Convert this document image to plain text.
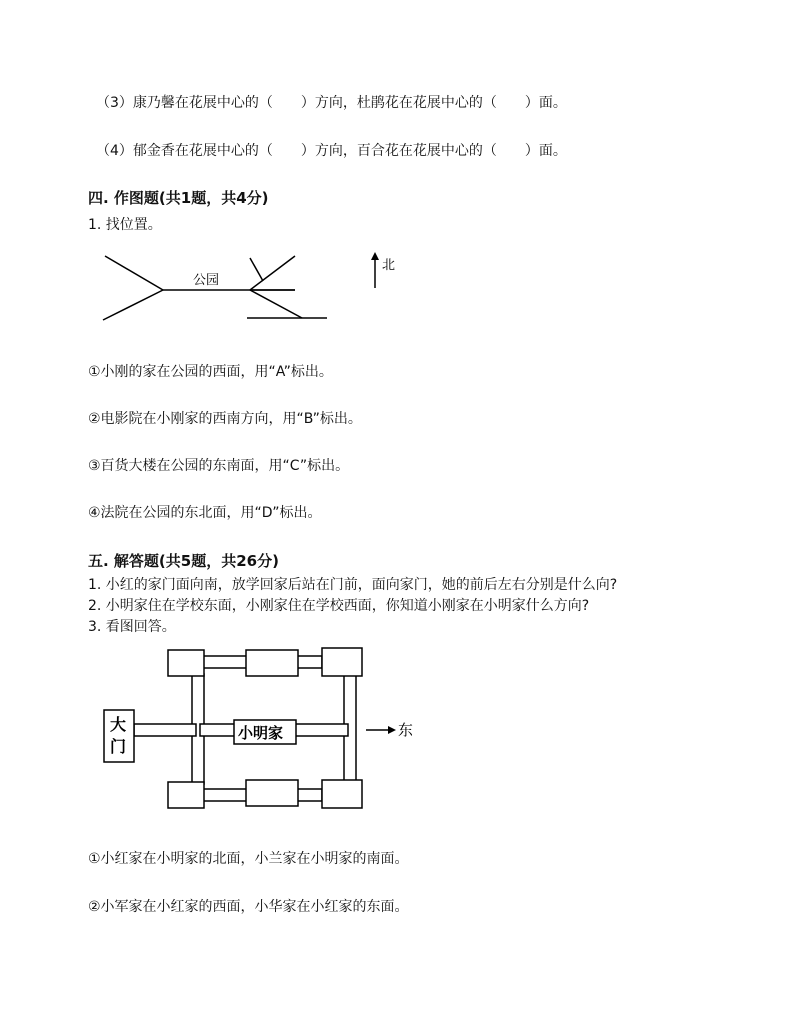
（3）康乃馨在花展中心的（　　）方向，杜鹃花在花展中心的（　　）面。
（4）郁金香在花展中心的（　　）方向，百合花在花展中心的（　　）面。
四. 作图题(共1题，共4分)
1. 找位置。
公园
北
①小刚的家在公园的西面，用“A”标出。
②电影院在小刚家的西南方向，用“B”标出。
③百货大楼在公园的东南面，用“C”标出。
④法院在公园的东北面，用“D”标出。
五. 解答题(共5题，共26分)
1. 小红的家门面向南，放学回家后站在门前，面向家门，她的前后左右分别是什么向?
2. 小明家住在学校东面，小刚家住在学校西面，你知道小刚家在小明家什么方向?
3. 看图回答。
大
门
小明家	东
①小红家在小明家的北面，小兰家在小明家的南面。
②小军家在小红家的西面，小华家在小红家的东面。
